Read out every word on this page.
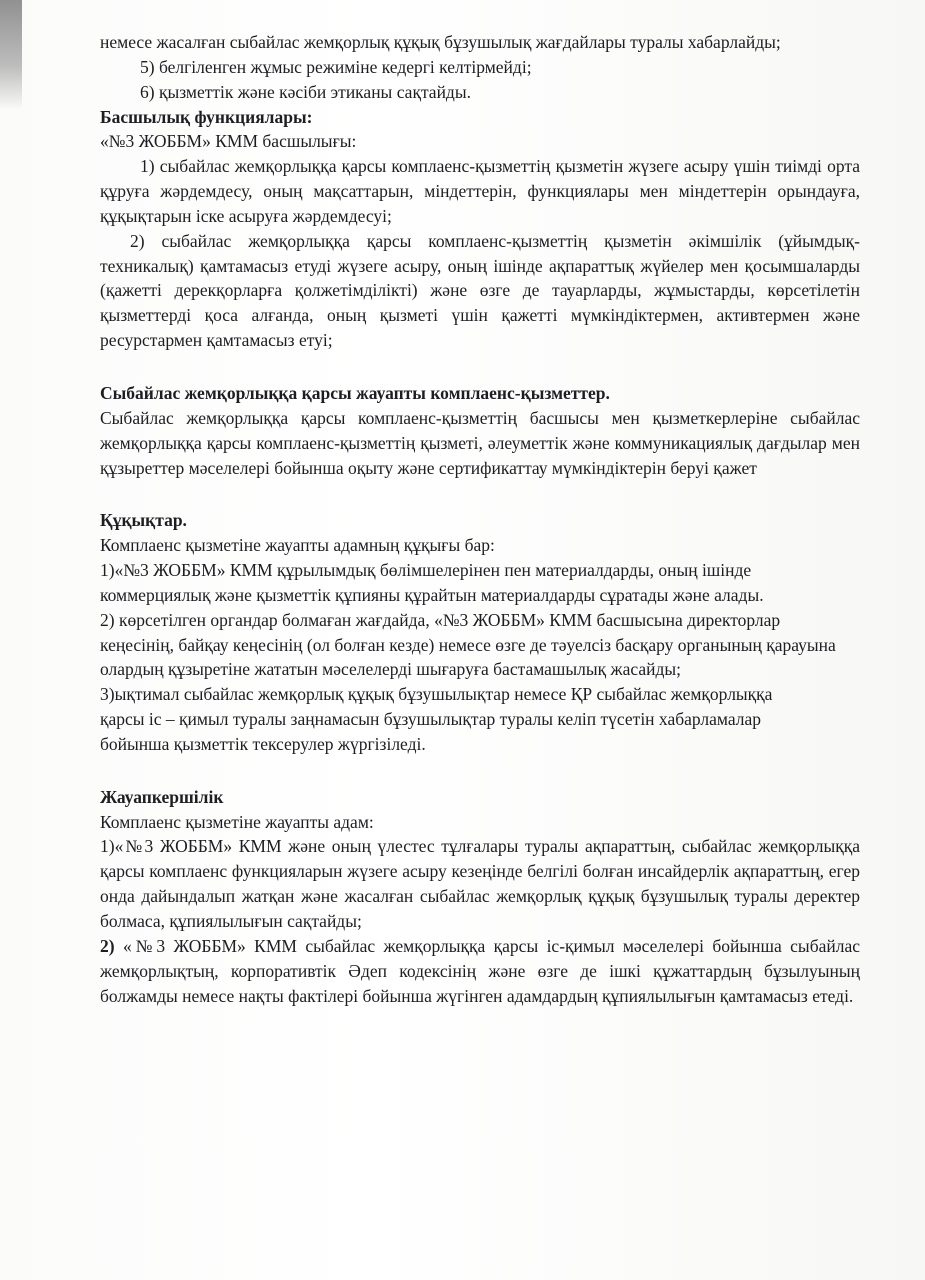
немесе жасалған сыбайлас жемқорлық құқық бұзушылық жағдайлары туралы хабарлайды;

5) белгіленген жұмыс режиміне кедергі келтірмейді;

6) қызметтік және кәсіби этиканы сақтайды.

Басшылық функциялары:

«№3 ЖОББМ» КММ басшылығы:

1) сыбайлас жемқорлыққа қарсы комплаенс-қызметтің қызметін жүзеге асыру үшін тиімді орта құруға жәрдемдесу, оның мақсаттарын, міндеттерін, функциялары мен міндеттерін орындауға, құқықтарын іске асыруға жәрдемдесуі;

2) сыбайлас жемқорлыққа қарсы комплаенс-қызметтің қызметін әкімшілік (ұйымдық-техникалық) қамтамасыз етуді жүзеге асыру, оның ішінде ақпараттық жүйелер мен қосымшаларды (қажетті дерекқорларға қолжетімділікті) және өзге де тауарларды, жұмыстарды, көрсетілетін қызметтерді қоса алғанда, оның қызметі үшін қажетті мүмкіндіктермен, активтермен және ресурстармен қамтамасыз етуі;

Сыбайлас жемқорлыққа қарсы жауапты комплаенс-қызметтер.

Сыбайлас жемқорлыққа қарсы комплаенс-қызметтің басшысы мен қызметкерлеріне сыбайлас жемқорлыққа қарсы комплаенс-қызметтің қызметі, әлеуметтік және коммуникациялық дағдылар мен құзыреттер мәселелері бойынша оқыту және сертификаттау мүмкіндіктерін беруі қажет

Құқықтар.

Комплаенс қызметіне жауапты адамның құқығы бар:

1)«№3 ЖОББМ» КММ құрылымдық бөлімшелерінен пен материалдарды, оның ішінде коммерциялық және қызметтік құпияны құрайтын материалдарды сұратады және алады.

2) көрсетілген органдар болмаған жағдайда, «№3 ЖОББМ» КММ басшысына директорлар кеңесінің, байқау кеңесінің (ол болған кезде) немесе өзге де тәуелсіз басқару органының қарауына олардың құзыретіне жататын мәселелерді шығаруға бастамашылық жасайды;

3)ықтимал сыбайлас жемқорлық құқық бұзушылықтар немесе ҚР сыбайлас жемқорлыққа қарсы іс – қимыл туралы заңнамасын бұзушылықтар туралы келіп түсетін хабарламалар бойынша қызметтік тексерулер жүргізіледі.

Жауапкершілік

Комплаенс қызметіне жауапты адам:

1)«№3 ЖОББМ» КММ және оның үлестес тұлғалары туралы ақпараттың, сыбайлас жемқорлыққа қарсы комплаенс функцияларын жүзеге асыру кезеңінде белгілі болған инсайдерлік ақпараттың, егер онда дайындалып жатқан және жасалған сыбайлас жемқорлық құқық бұзушылық туралы деректер болмаса, құпиялылығын сақтайды;

2) «№3 ЖОББМ» КММ сыбайлас жемқорлыққа қарсы іс-қимыл мәселелері бойынша сыбайлас жемқорлықтың, корпоративтік Әдеп кодексінің және өзге де ішкі құжаттардың бұзылуының болжамды немесе нақты фактілері бойынша жүгінген адамдардың құпиялылығын қамтамасыз етеді.
